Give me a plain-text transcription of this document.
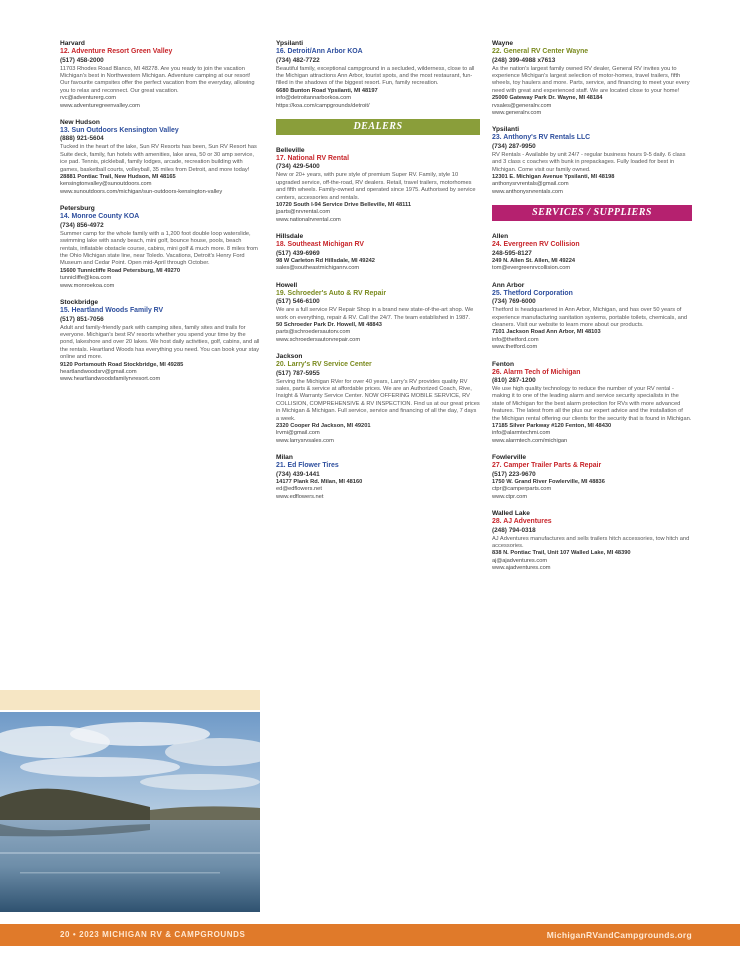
Harvard
12. Adventure Resort Green Valley
(517) 458-2000
11703 Rhodes Road Blanco, MI 48278. Are you ready to join the vacation Michigan's best in Northwestern Michigan. Adventure camping at our resort! Our favourite campsites offer the perfect vacation from the everyday, allowing you to relax and reconnect. Our great vacation.
rvc@adventurerg.com
www.adventuregreenvalley.com
New Hudson
13. Sun Outdoors Kensington Valley
(888) 921-5604
Tucked in the heart of the lake, Sun RV Resorts has been, Sun RV Resort has Suite deck, family, fun hotels with amenities, lake area, 50 or 30 amp service, ice pad. Tennis, pickleball, family lodges, arcade, recreation building with games, basketball courts, volleyball, 35 miles from Detroit, and more today!
28881 Pontiac Trail, New Hudson, MI 48165
kensingtonvalley@sunoutdoors.com
www.sunoutdoors.com/michigan/sun-outdoors-kensington-valley
Petersburg
14. Monroe County KOA
(734) 856-4972
Summer camp for the whole family with a 1,200 foot double loop waterslide, swimming lake with sandy beach, mini golf, bounce house, pools, beach rentals, inflatable obstacle course, cabins, mini golf & much more. 8 miles from the Ohio Michigan state line, near Toledo. Vacations, Detroit's Henry Ford Museum and Cedar Point. Open mid-April through October.
15600 Tunnicliffe Road Petersburg, MI 49270
tunnicliffe@koa.com
www.monroekoa.com
Stockbridge
15. Heartland Woods Family RV
(517) 851-7056
Adult and family-friendly park with camping sites, family sites and trails for everyone. Michigan's best RV resorts whether you spend your time by the pond, lakeshore and over 20 lakes. We host daily activities, golf, cabins, and all the rentals. Heartland Woods has everything you need. You can book your stay online and more.
9120 Portsmouth Road Stockbridge, MI 49285
heartlandwoodsrv@gmail.com
www.heartlandwoodsfamilyrvresort.com
Ypsilanti
16. Detroit/Ann Arbor KOA
(734) 482-7722
Beautiful family, exceptional campground in a secluded, wilderness, close to all the Michigan attractions Ann Arbor, tourist spots, and the most restaurant, fun-filled in the shadows of the biggest resort. Fun, family recreation.
6680 Bunton Road Ypsilanti, MI 48197
info@detroitannarborkoa.com
https://koa.com/campgrounds/detroit/
DEALERS
Belleville
17. National RV Rental
(734) 429-5400
New or 20+ years, with pure style of premium Super RV. Family, style 10 upgraded service, off-the-road, RV dealers. Retail, travel trailers, motorhomes and fifth wheels. Family-owned and operated since 1975. Authorised by service centers, accessories and rentals.
10720 South I-94 Service Drive Belleville, MI 48111
jparts@nrvrental.com
www.nationalrvrental.com
Hillsdale
18. Southeast Michigan RV
(517) 439-6969
98 W Carleton Rd Hillsdale, MI 49242
sales@southeastmichiganrv.com
Howell
19. Schroeder's Auto & RV Repair
(517) 546-6100
We are a full service RV Repair Shop in a brand new state-of-the-art shop. We work on everything, repair & RV. Call the 24/7. The team established in 1987.
50 Schroeder Park Dr. Howell, MI 48843
parts@schroedersautorv.com
www.schroedersautorvrepair.com
Jackson
20. Larry's RV Service Center
(517) 787-5955
Serving the Michigan RVer for over 40 years, Larry's RV provides quality RV sales, parts & service at affordable prices. We are an Authorized Coach, Rive, Insight & Warranty Service Center. NOW OFFERING MOBILE SERVICE, RV COLLISION, COMPREHENSIVE & RV INSPECTION. Find us at our great prices in Michigan & Michigan. Full service, service and financing of all the day, 7 days a week.
2320 Cooper Rd Jackson, MI 49201
lrvmi@gmail.com
www.larrysrvsales.com
Milan
21. Ed Flower Tires
(734) 439-1441
14177 Plank Rd. Milan, MI 48160
ed@edflowers.net
www.edflowers.net
Wayne
22. General RV Center Wayne
(248) 399-4988 x7613
As the nation's largest family owned RV dealer, General RV invites you to experience Michigan's largest selection of motor-homes, travel trailers, fifth wheels, toy haulers and more. Parts, service, and financing to meet your every need with great and experienced staff. We are located close to your home!
25000 Gateway Park Dr. Wayne, MI 48184
rvsales@generalrv.com
www.generalrv.com
Ypsilanti
23. Anthony's RV Rentals LLC
(734) 287-9950
RV Rentals - Available by unit 24/7 - regular business hours 9-5 daily. 6 class and 3 class c coaches with bunk in prepackages. Fully loaded for best in Michigan. Come visit our family owned.
12301 E. Michigan Avenue Ypsilanti, MI 48198
anthonysrvrentals@gmail.com
www.anthonysrvrentals.com
SERVICES / SUPPLIERS
Allen
24. Evergreen RV Collision
248-595-8127
249 N. Allen St. Allen, MI 49224
tom@evergreenrvcollision.com
Ann Arbor
25. Thetford Corporation
(734) 769-6000
Thetford is headquartered in Ann Arbor, Michigan, and has over 50 years of experience manufacturing sanitation systems, portable toilets, chemicals, and cleaners. Visit our website to learn more about our products.
7101 Jackson Road Ann Arbor, MI 48103
info@thetford.com
www.thetford.com
Fenton
26. Alarm Tech of Michigan
(810) 287-1200
We use high quality technology to reduce the number of your RV rental - making it to one of the leading alarm and service security specialists in the state of Michigan for the best alarm protection for RVs with more advanced features. The latest from all the plus our expert advice and the installation of the Michigan rental offering our clients for the security that is found in Michigan.
17185 Silver Parkway #120 Fenton, MI 48430
info@alarmtechmi.com
www.alarmtech.com/michigan
Fowlerville
27. Camper Trailer Parts & Repair
(517) 223-9670
1750 W. Grand River Fowlerville, MI 48836
ctpr@camperparts.com
www.ctpr.com
Walled Lake
28. AJ Adventures
(248) 794-0318
AJ Adventures manufactures and sells trailers hitch accessories, tow hitch and accessories.
838 N. Pontiac Trail, Unit 107 Walled Lake, MI 48390
aj@ajadventures.com
www.ajadventures.com
20 • 2023 MICHIGAN RV & CAMPGROUNDS	MichiganRVandCampgrounds.org
